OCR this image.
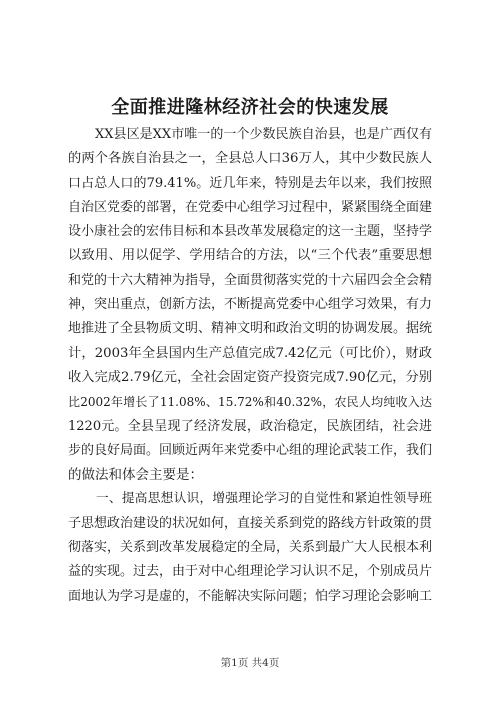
全面推进隆林经济社会的快速发展
XX县区是XX市唯一的一个少数民族自治县，也是广西仅有
的两个各族自治县之一，全县总人口36万人，其中少数民族人
口占总人口的79.41%。近几年来，特别是去年以来，我们按照
自治区党委的部署，在党委中心组学习过程中，紧紧围绕全面建
设小康社会的宏伟目标和本县改革发展稳定的这一主题，坚持学
以致用、用以促学、学用结合的方法，以“三个代表”重要思想
和党的十六大精神为指导，全面贯彻落实党的十六届四会全会精
神，突出重点，创新方法，不断提高党委中心组学习效果，有力
地推进了全县物质文明、精神文明和政治文明的协调发展。据统
计，2003年全县国内生产总值完成7.42亿元（可比价），财政
收入完成2.79亿元，全社会固定资产投资完成7.90亿元，分别
比2002年增长了11.08%、15.72%和40.32%，农民人均纯收入达
1220元。全县呈现了经济发展，政治稳定，民族团结，社会进
步的良好局面。回顾近两年来党委中心组的理论武装工作，我们
的做法和体会主要是：
一、提高思想认识，增强理论学习的自觉性和紧迫性领导班
子思想政治建设的状况如何，直接关系到党的路线方针政策的贯
彻落实，关系到改革发展稳定的全局，关系到最广大人民根本利
益的实现。过去，由于对中心组理论学习认识不足，个别成员片
面地认为学习是虚的，不能解决实际问题；怕学习理论会影响工
第1页 共4页
